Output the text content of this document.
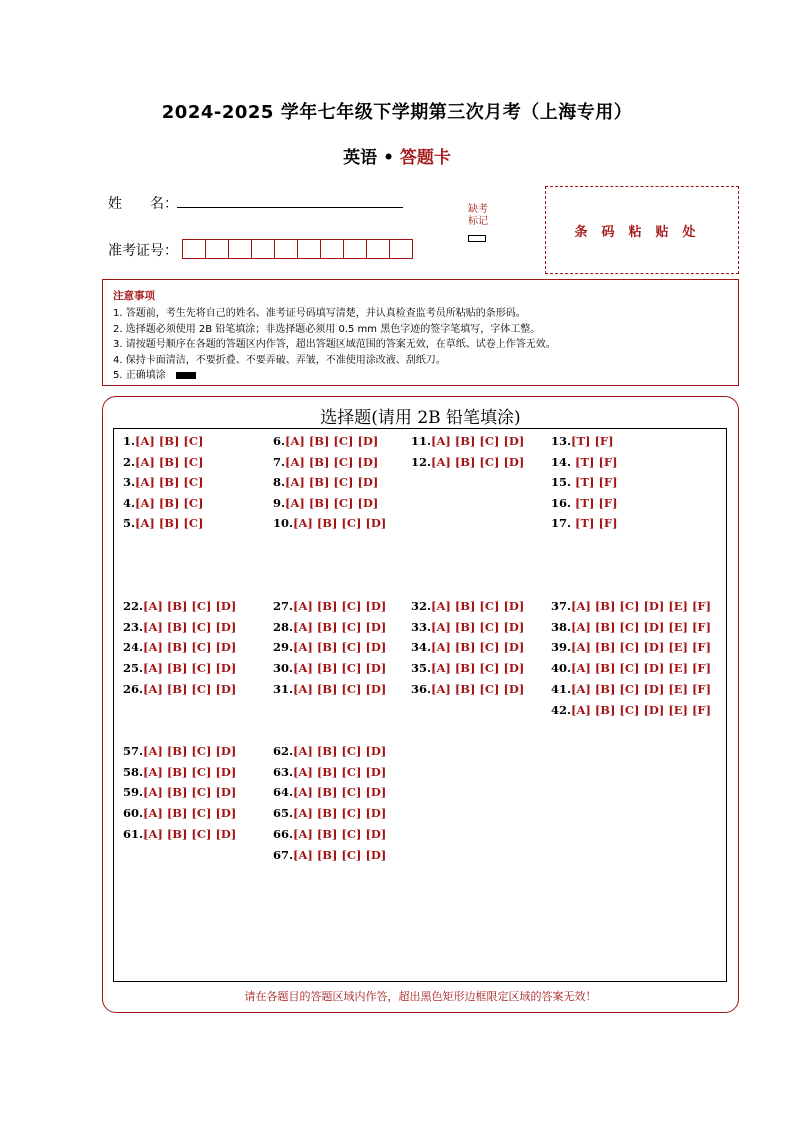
2024-2025 学年七年级下学期第三次月考（上海专用）
英语 • 答题卡
姓　　名：
准考证号：
缺考
标记
条码粘贴处
注意事项
1. 答题前，考生先将自己的姓名、准考证号码填写清楚，并认真检查监考员所粘贴的条形码。
2. 选择题必须使用 2B 铅笔填涂；非选择题必须用 0.5 mm 黑色字迹的签字笔填写，字体工整。
3. 请按题号顺序在各题的答题区内作答，超出答题区域范围的答案无效，在草纸、试卷上作答无效。
4. 保持卡面清洁，不要折叠、不要弄破、弄皱，不准使用涂改液、刮纸刀。
5. 正确填涂
选择题(请用 2B 铅笔填涂)
1.[A] [B] [C]
2.[A] [B] [C]
3.[A] [B] [C]
4.[A] [B] [C]
5.[A] [B] [C]
6.[A] [B] [C] [D]
7.[A] [B] [C] [D]
8.[A] [B] [C] [D]
9.[A] [B] [C] [D]
10.[A] [B] [C] [D]
11.[A] [B] [C] [D]
12.[A] [B] [C] [D]
13.[T] [F]
14. [T] [F]
15. [T] [F]
16. [T] [F]
17. [T] [F]
22.[A] [B] [C] [D]
23.[A] [B] [C] [D]
24.[A] [B] [C] [D]
25.[A] [B] [C] [D]
26.[A] [B] [C] [D]
27.[A] [B] [C] [D]
28.[A] [B] [C] [D]
29.[A] [B] [C] [D]
30.[A] [B] [C] [D]
31.[A] [B] [C] [D]
32.[A] [B] [C] [D]
33.[A] [B] [C] [D]
34.[A] [B] [C] [D]
35.[A] [B] [C] [D]
36.[A] [B] [C] [D]
37.[A] [B] [C] [D] [E] [F]
38.[A] [B] [C] [D] [E] [F]
39.[A] [B] [C] [D] [E] [F]
40.[A] [B] [C] [D] [E] [F]
41.[A] [B] [C] [D] [E] [F]
42.[A] [B] [C] [D] [E] [F]
57.[A] [B] [C] [D]
58.[A] [B] [C] [D]
59.[A] [B] [C] [D]
60.[A] [B] [C] [D]
61.[A] [B] [C] [D]
62.[A] [B] [C] [D]
63.[A] [B] [C] [D]
64.[A] [B] [C] [D]
65.[A] [B] [C] [D]
66.[A] [B] [C] [D]
67.[A] [B] [C] [D]
请在各题目的答题区域内作答，超出黑色矩形边框限定区域的答案无效！
